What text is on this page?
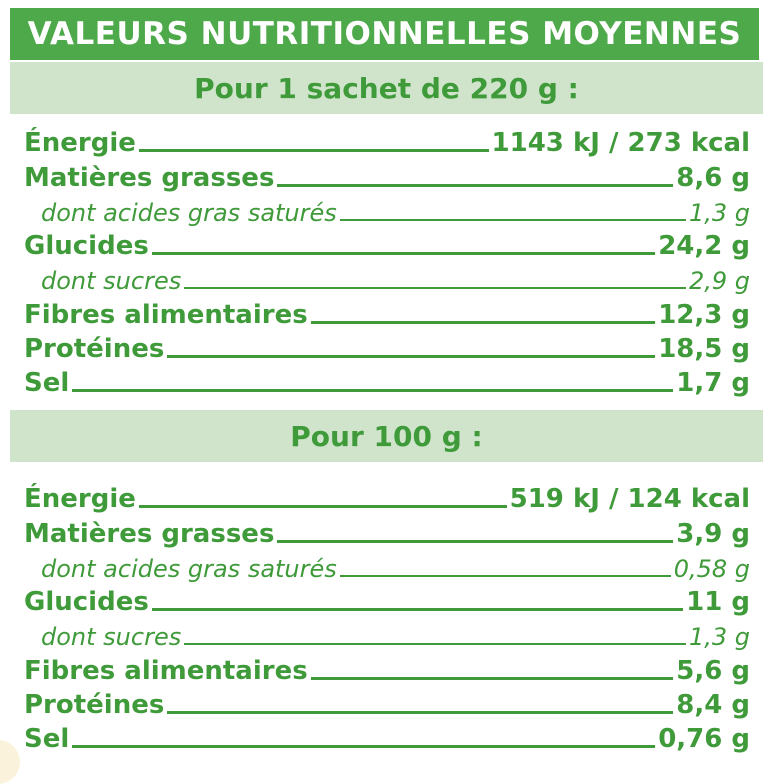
VALEURS NUTRITIONNELLES MOYENNES
Pour 1 sachet de 220 g :
Énergie	1143 kJ / 273 kcal
Matières grasses	8,6 g
dont acides gras saturés	1,3 g
Glucides	24,2 g
dont sucres	2,9 g
Fibres alimentaires	12,3 g
Protéines	18,5 g
Sel	1,7 g
Pour 100 g :
Énergie	519 kJ / 124 kcal
Matières grasses	3,9 g
dont acides gras saturés	0,58 g
Glucides	11 g
dont sucres	1,3 g
Fibres alimentaires	5,6 g
Protéines	8,4 g
Sel	0,76 g
